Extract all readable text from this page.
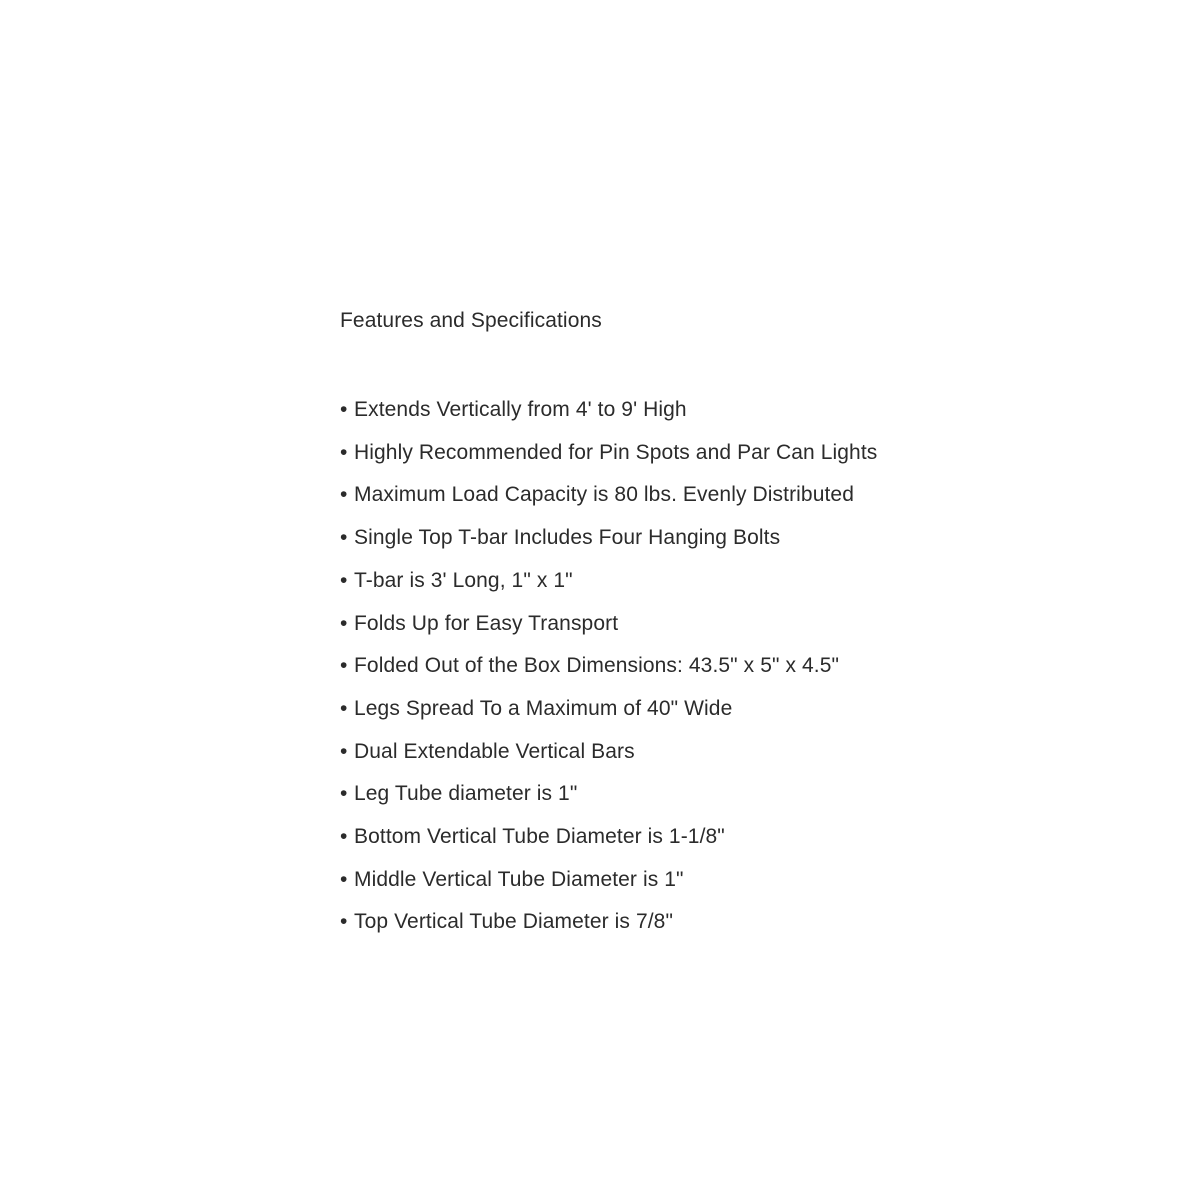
Features and Specifications
• Extends Vertically from 4' to 9' High
• Highly Recommended for Pin Spots and Par Can Lights
• Maximum Load Capacity is 80 lbs. Evenly Distributed
• Single Top T-bar Includes Four Hanging Bolts
• T-bar is 3' Long, 1" x 1"
• Folds Up for Easy Transport
• Folded Out of the Box Dimensions: 43.5" x 5" x 4.5"
• Legs Spread To a Maximum of 40" Wide
• Dual Extendable Vertical Bars
• Leg Tube diameter is 1"
• Bottom Vertical Tube Diameter is 1-1/8"
• Middle Vertical Tube Diameter is 1"
• Top Vertical Tube Diameter is 7/8"
